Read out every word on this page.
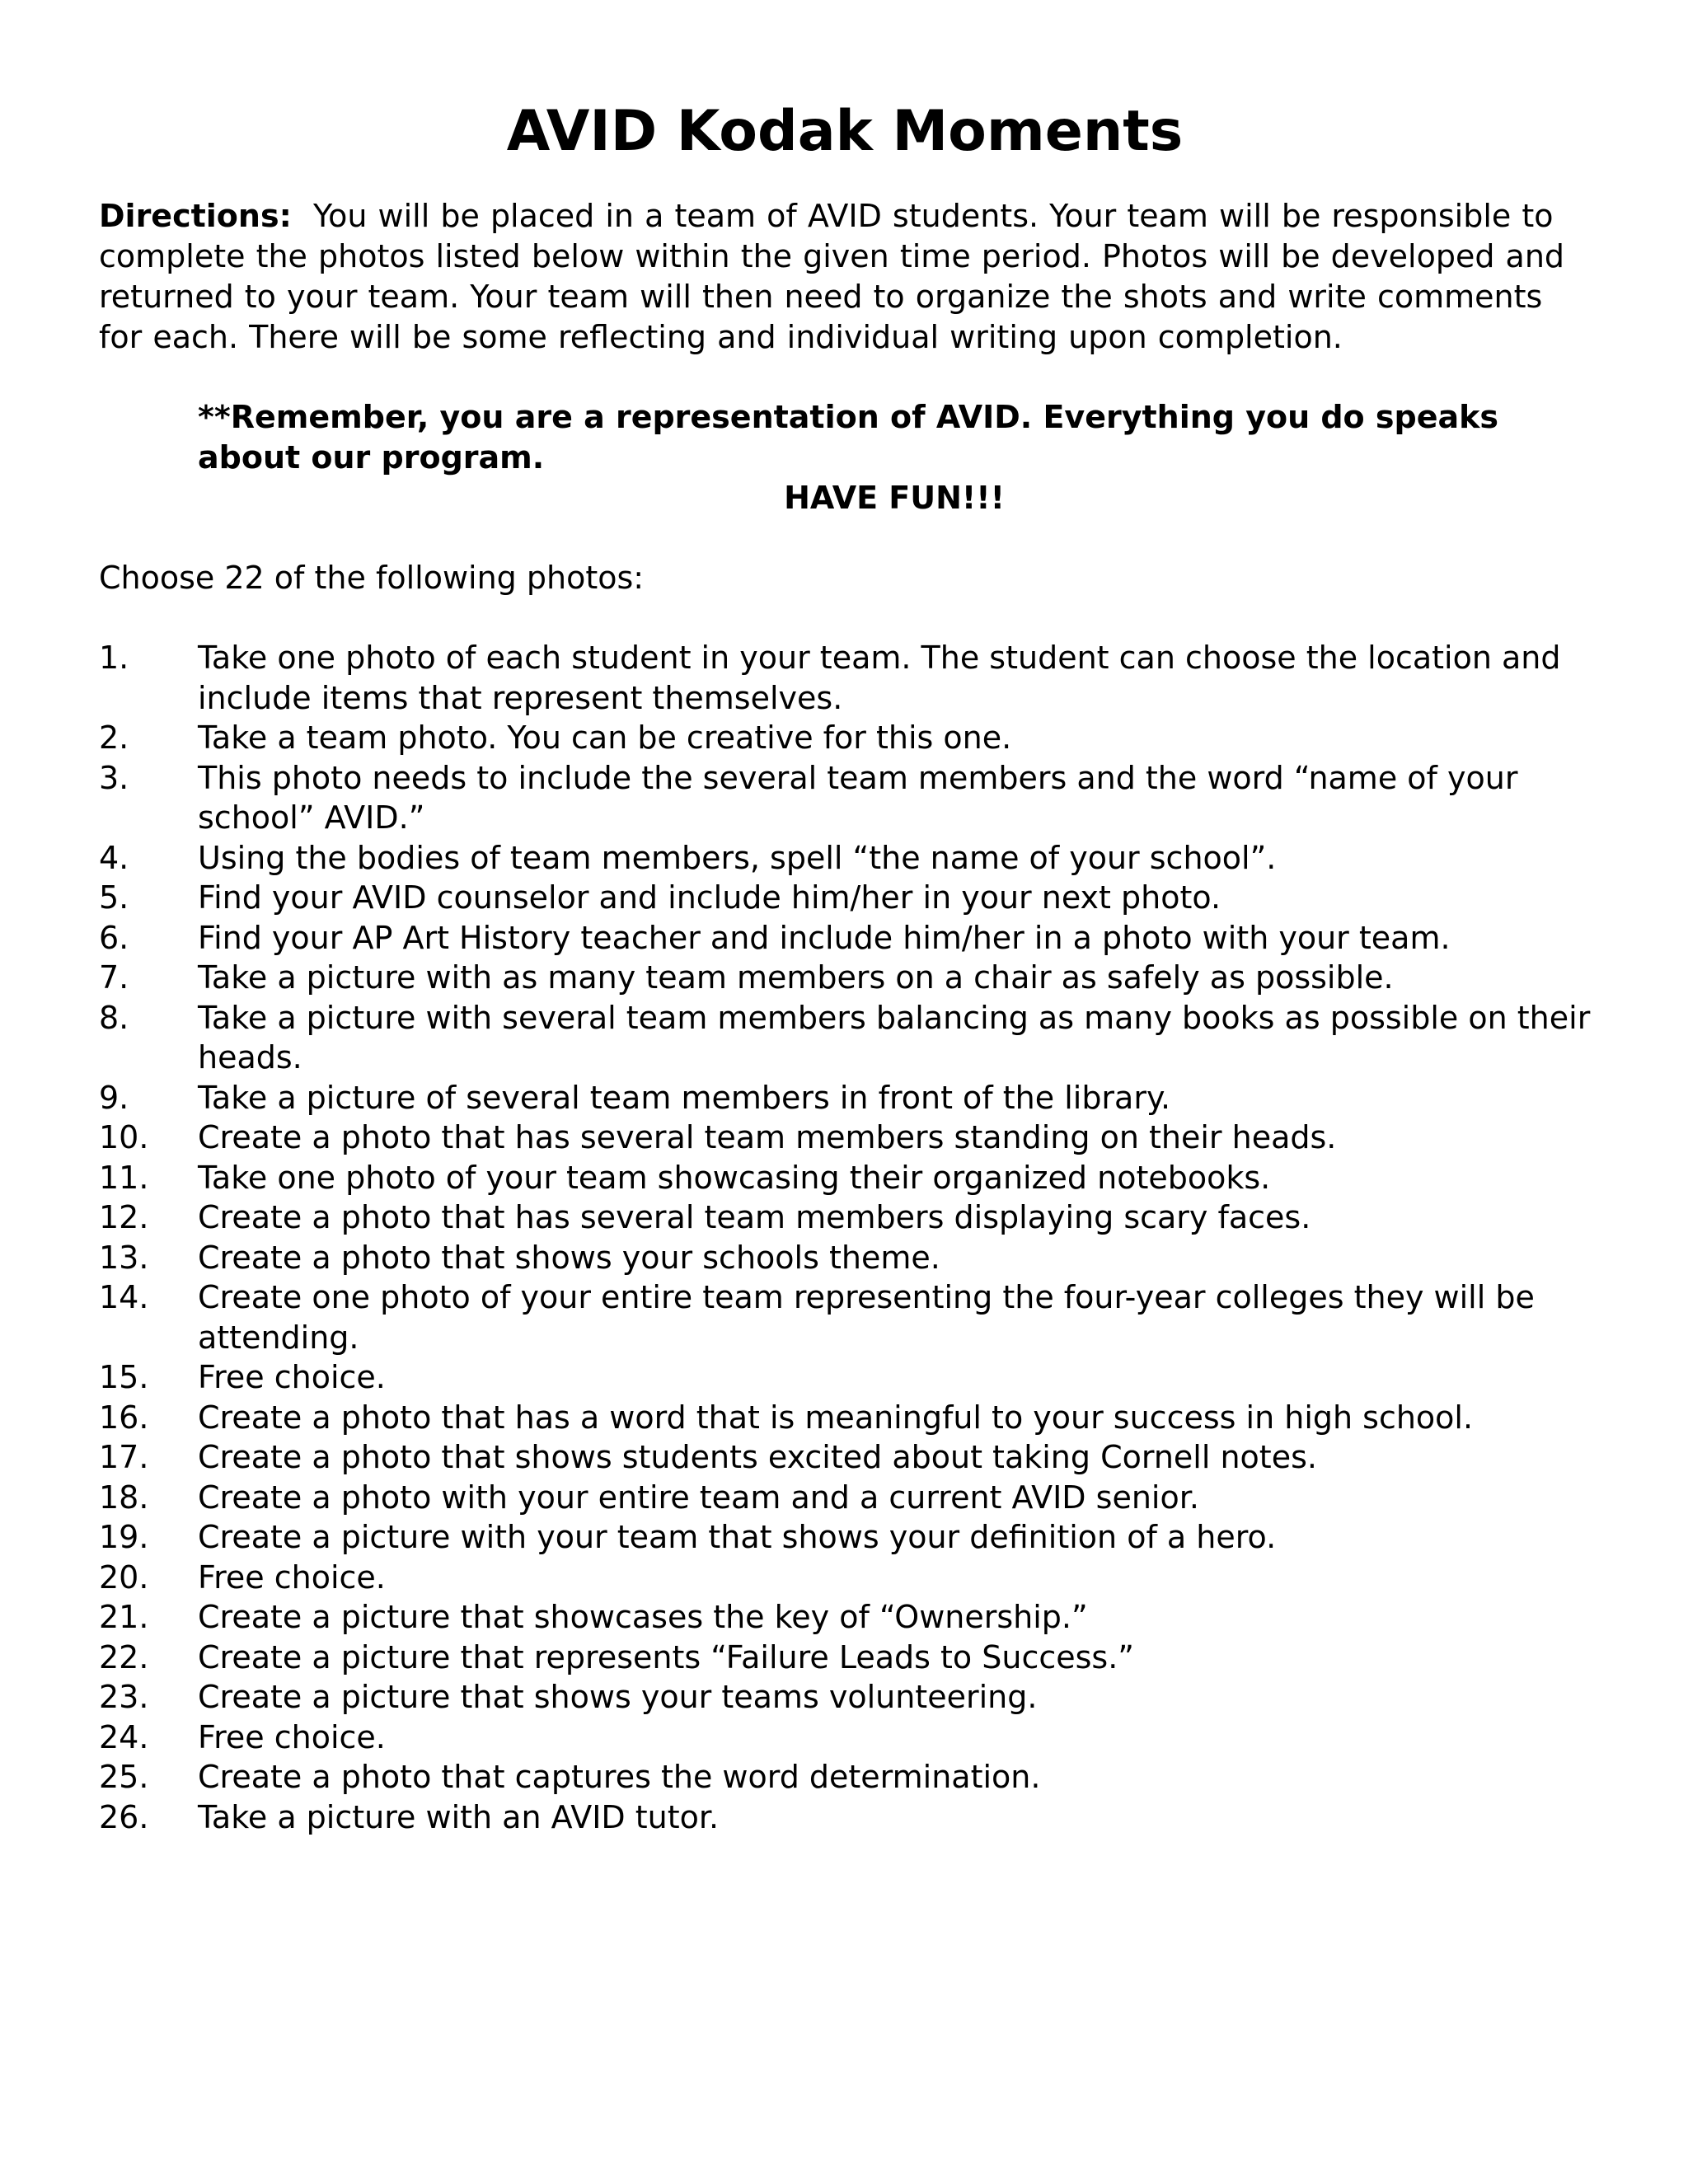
AVID Kodak Moments

Directions: You will be placed in a team of AVID students. Your team will be responsible to complete the photos listed below within the given time period. Photos will be developed and returned to your team. Your team will then need to organize the shots and write comments for each. There will be some reflecting and individual writing upon completion.

**Remember, you are a representation of AVID. Everything you do speaks about our program.
HAVE FUN!!!

Choose 22 of the following photos:

1. Take one photo of each student in your team. The student can choose the location and include items that represent themselves.
2. Take a team photo. You can be creative for this one.
3. This photo needs to include the several team members and the word “name of your school” AVID.”
4. Using the bodies of team members, spell “the name of your school”.
5. Find your AVID counselor and include him/her in your next photo.
6. Find your AP Art History teacher and include him/her in a photo with your team.
7. Take a picture with as many team members on a chair as safely as possible.
8. Take a picture with several team members balancing as many books as possible on their heads.
9. Take a picture of several team members in front of the library.
10. Create a photo that has several team members standing on their heads.
11. Take one photo of your team showcasing their organized notebooks.
12. Create a photo that has several team members displaying scary faces.
13. Create a photo that shows your schools theme.
14. Create one photo of your entire team representing the four-year colleges they will be attending.
15. Free choice.
16. Create a photo that has a word that is meaningful to your success in high school.
17. Create a photo that shows students excited about taking Cornell notes.
18. Create a photo with your entire team and a current AVID senior.
19. Create a picture with your team that shows your definition of a hero.
20. Free choice.
21. Create a picture that showcases the key of “Ownership.”
22. Create a picture that represents “Failure Leads to Success.”
23. Create a picture that shows your teams volunteering.
24. Free choice.
25. Create a photo that captures the word determination.
26. Take a picture with an AVID tutor.
